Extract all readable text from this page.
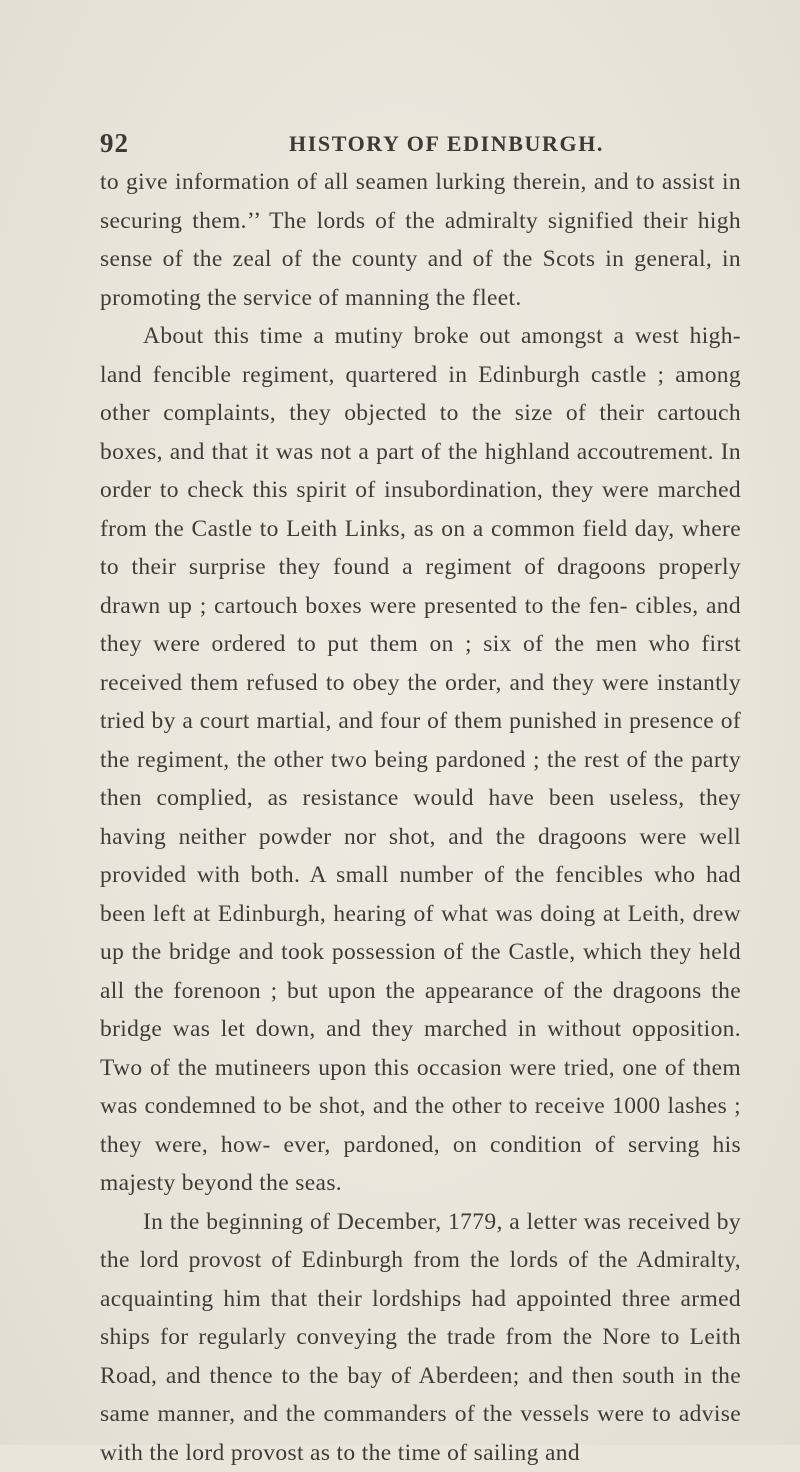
92	HISTORY OF EDINBURGH.

to give information of all seamen lurking therein, and to assist in securing them.’’ The lords of the admiralty signified their high sense of the zeal of the county and of the Scots in general, in promoting the service of manning the fleet.

About this time a mutiny broke out amongst a west high- land fencible regiment, quartered in Edinburgh castle ; among other complaints, they objected to the size of their cartouch boxes, and that it was not a part of the highland accoutrement. In order to check this spirit of insubordination, they were marched from the Castle to Leith Links, as on a common field day, where to their surprise they found a regiment of dragoons properly drawn up ; cartouch boxes were presented to the fen- cibles, and they were ordered to put them on ; six of the men who first received them refused to obey the order, and they were instantly tried by a court martial, and four of them punished in presence of the regiment, the other two being pardoned ; the rest of the party then complied, as resistance would have been useless, they having neither powder nor shot, and the dragoons were well provided with both. A small number of the fencibles who had been left at Edinburgh, hearing of what was doing at Leith, drew up the bridge and took possession of the Castle, which they held all the forenoon ; but upon the appearance of the dragoons the bridge was let down, and they marched in without opposition. Two of the mutineers upon this occasion were tried, one of them was condemned to be shot, and the other to receive 1000 lashes ; they were, how- ever, pardoned, on condition of serving his majesty beyond the seas.

In the beginning of December, 1779, a letter was received by the lord provost of Edinburgh from the lords of the Admiralty, acquainting him that their lordships had appointed three armed ships for regularly conveying the trade from the Nore to Leith Road, and thence to the bay of Aberdeen; and then south in the same manner, and the commanders of the vessels were to advise with the lord provost as to the time of sailing and
